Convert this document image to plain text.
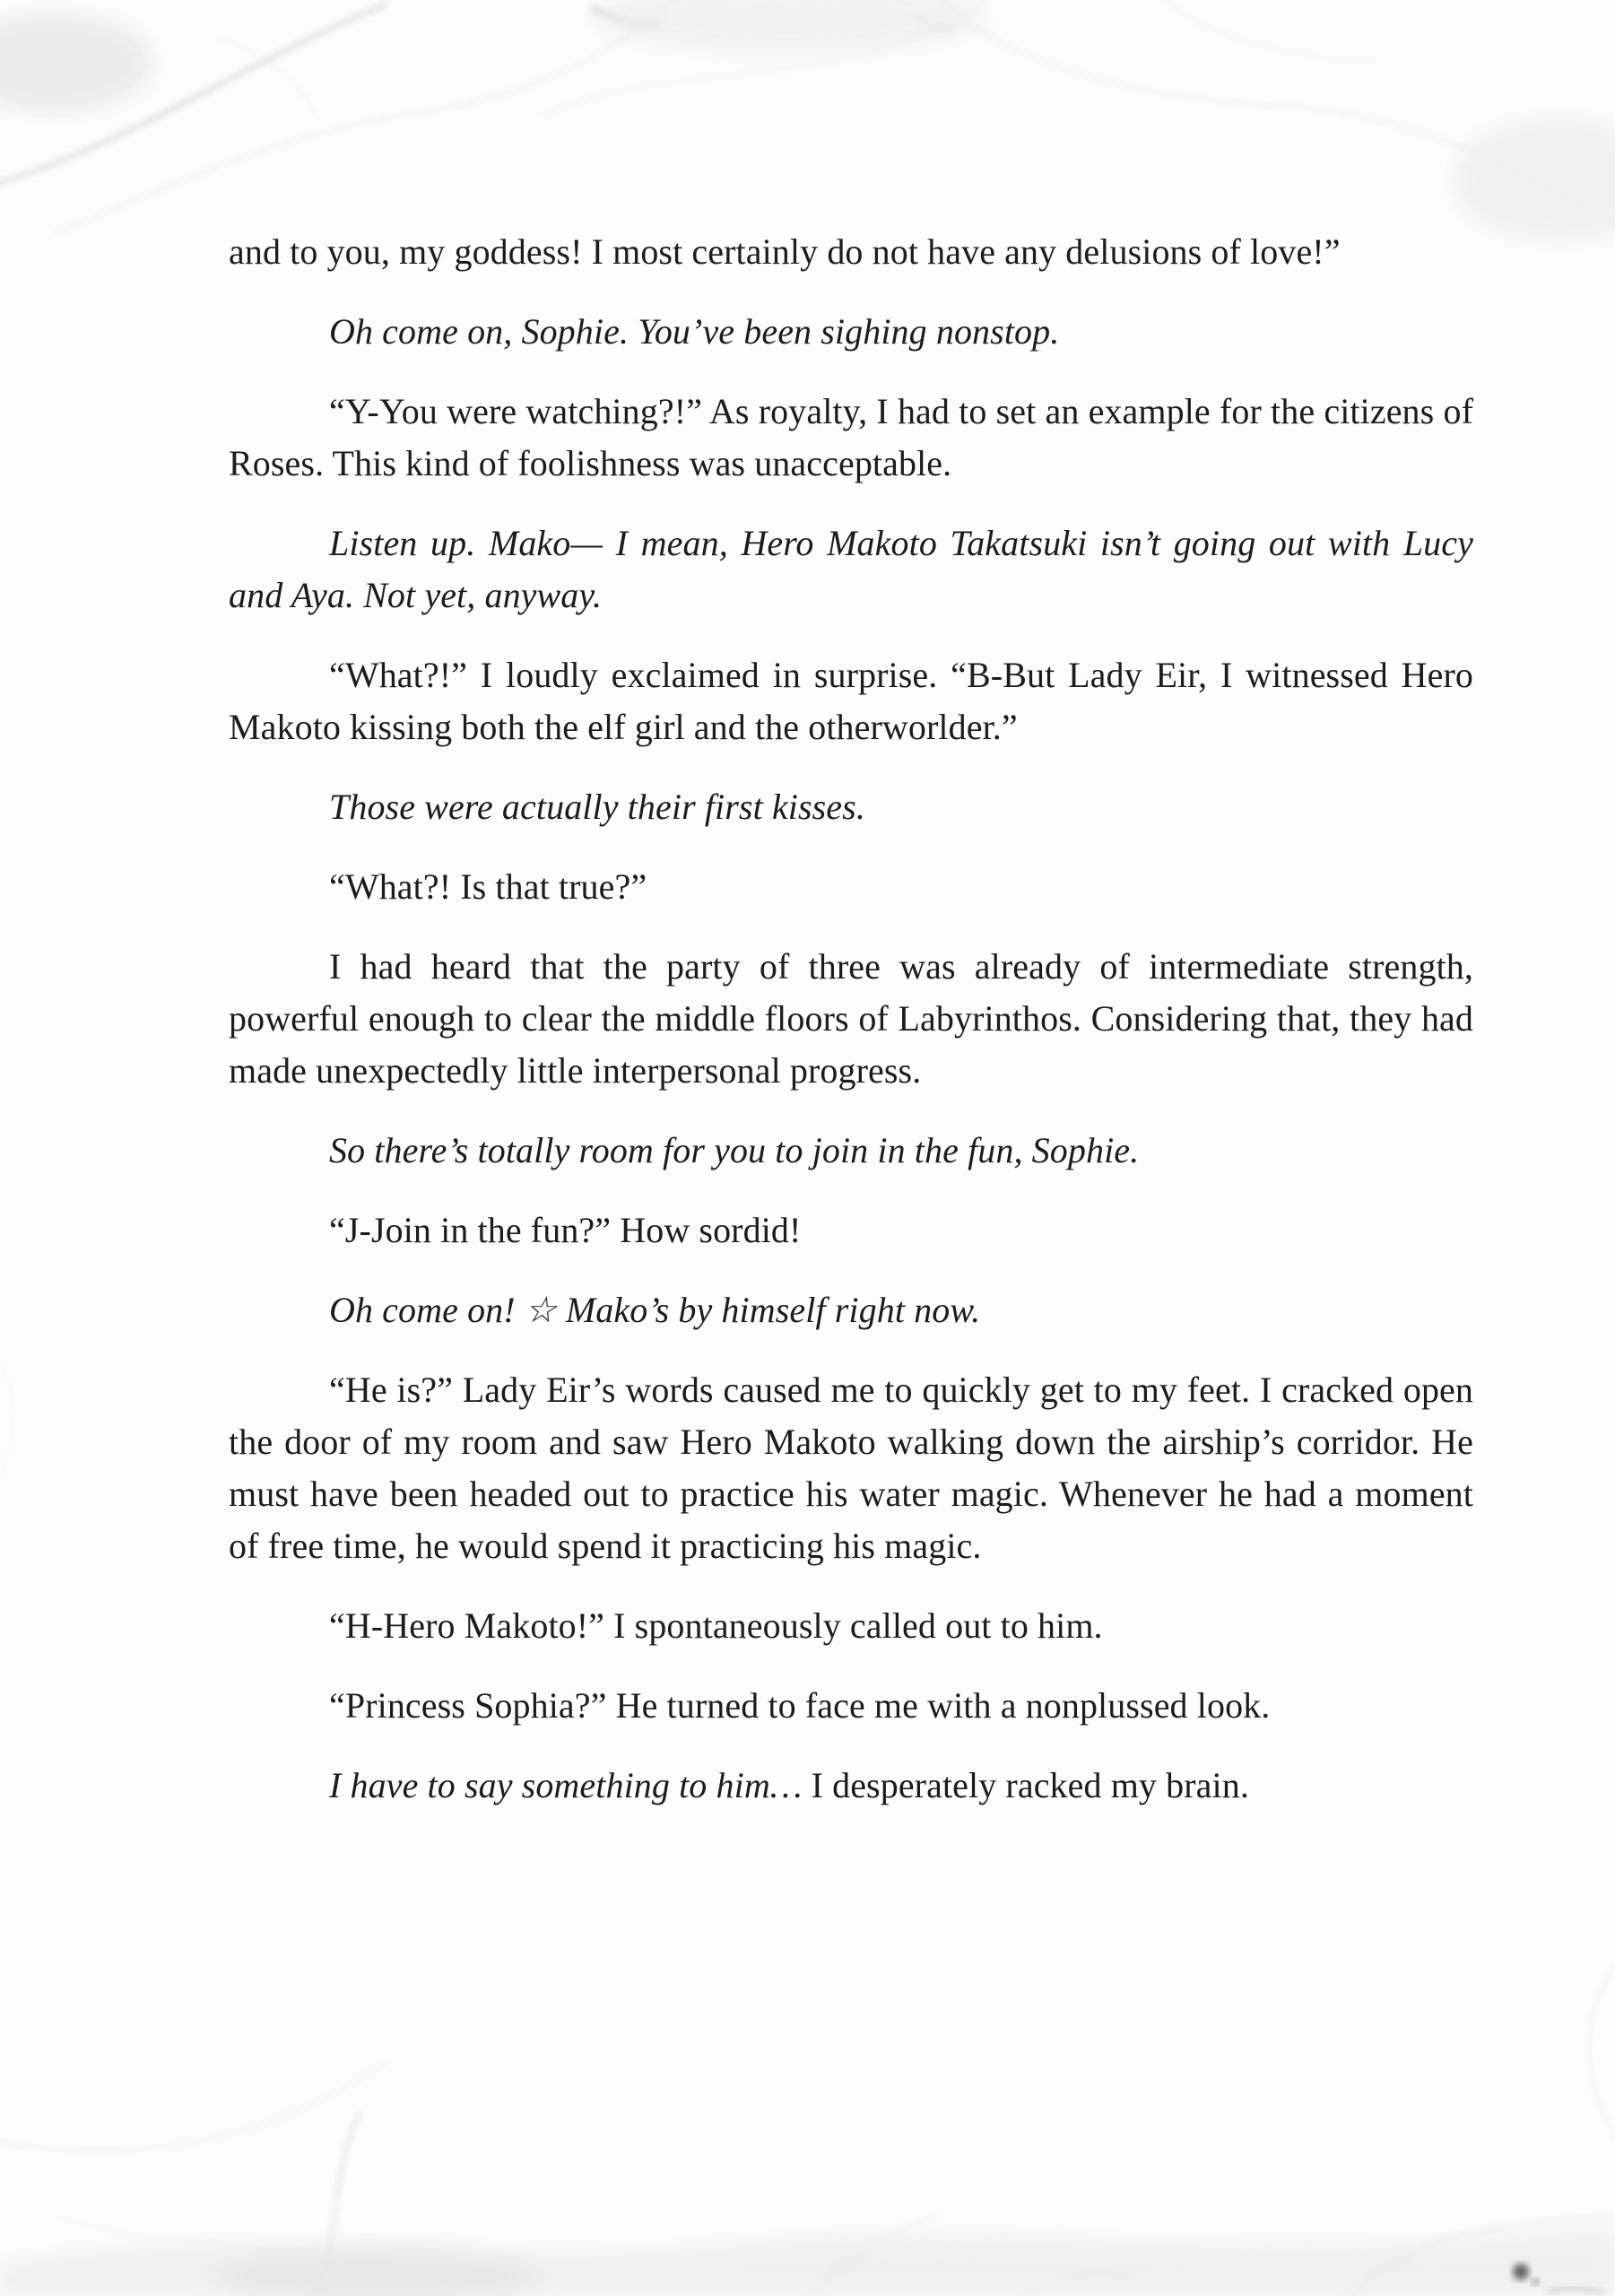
and to you, my goddess! I most certainly do not have any delusions of love!”

Oh come on, Sophie. You’ve been sighing nonstop.

“Y-You were watching?!” As royalty, I had to set an example for the citizens of Roses. This kind of foolishness was unacceptable.

Listen up. Mako— I mean, Hero Makoto Takatsuki isn’t going out with Lucy and Aya. Not yet, anyway.

“What?!” I loudly exclaimed in surprise. “B-But Lady Eir, I witnessed Hero Makoto kissing both the elf girl and the otherworlder.”

Those were actually their first kisses.

“What?! Is that true?”

I had heard that the party of three was already of intermediate strength, powerful enough to clear the middle floors of Labyrinthos. Considering that, they had made unexpectedly little interpersonal progress.

So there’s totally room for you to join in the fun, Sophie.

“J-Join in the fun?” How sordid!

Oh come on! ☆ Mako’s by himself right now.

“He is?” Lady Eir’s words caused me to quickly get to my feet. I cracked open the door of my room and saw Hero Makoto walking down the airship’s corridor. He must have been headed out to practice his water magic. Whenever he had a moment of free time, he would spend it practicing his magic.

“H-Hero Makoto!” I spontaneously called out to him.

“Princess Sophia?” He turned to face me with a nonplussed look.

I have to say something to him… I desperately racked my brain.
